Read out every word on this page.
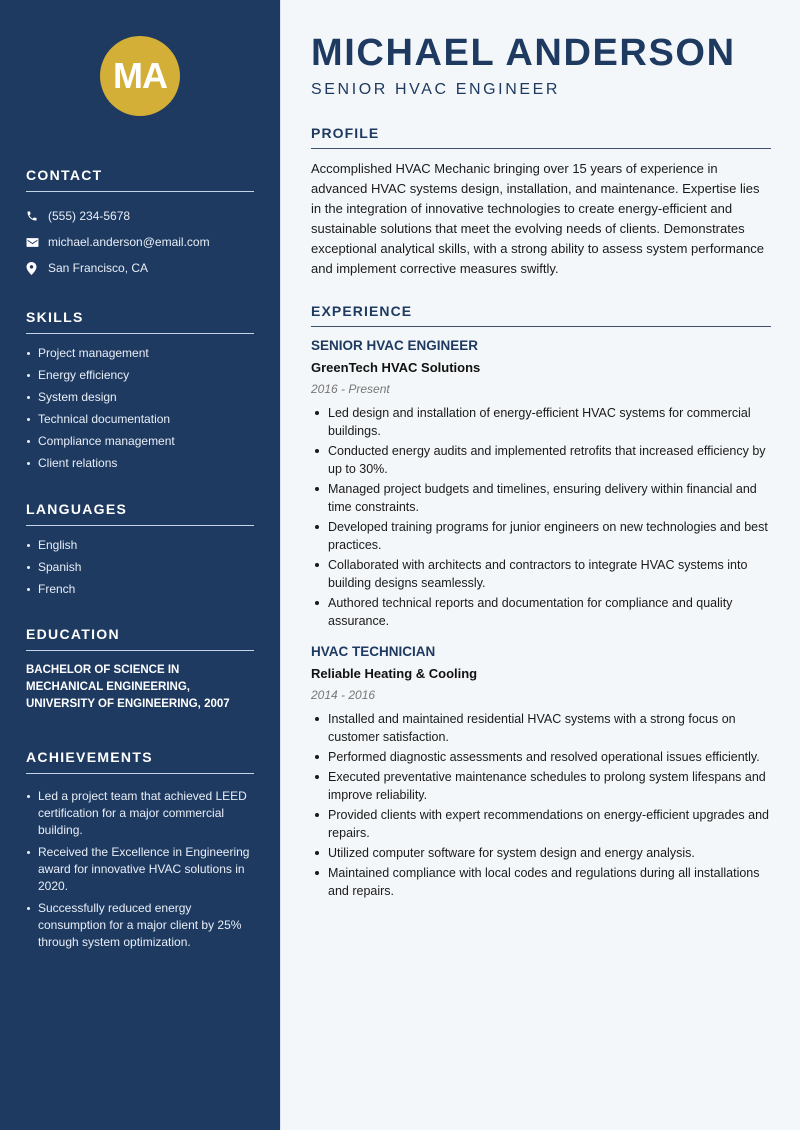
MA
CONTACT
(555) 234-5678
michael.anderson@email.com
San Francisco, CA
SKILLS
Project management
Energy efficiency
System design
Technical documentation
Compliance management
Client relations
LANGUAGES
English
Spanish
French
EDUCATION

BACHELOR OF SCIENCE IN MECHANICAL ENGINEERING, UNIVERSITY OF ENGINEERING, 2007

ACHIEVEMENTS
Led a project team that achieved LEED certification for a major commercial building.
Received the Excellence in Engineering award for innovative HVAC solutions in 2020.
Successfully reduced energy consumption for a major client by 25% through system optimization.
MICHAEL ANDERSON
SENIOR HVAC ENGINEER
PROFILE

Accomplished HVAC Mechanic bringing over 15 years of experience in advanced HVAC systems design, installation, and maintenance. Expertise lies in the integration of innovative technologies to create energy-efficient and sustainable solutions that meet the evolving needs of clients. Demonstrates exceptional analytical skills, with a strong ability to assess system performance and implement corrective measures swiftly.

EXPERIENCE
SENIOR HVAC ENGINEER
GreenTech HVAC Solutions
2016 - Present
Led design and installation of energy-efficient HVAC systems for commercial buildings.
Conducted energy audits and implemented retrofits that increased efficiency by up to 30%.
Managed project budgets and timelines, ensuring delivery within financial and time constraints.
Developed training programs for junior engineers on new technologies and best practices.
Collaborated with architects and contractors to integrate HVAC systems into building designs seamlessly.
Authored technical reports and documentation for compliance and quality assurance.
HVAC TECHNICIAN
Reliable Heating & Cooling
2014 - 2016
Installed and maintained residential HVAC systems with a strong focus on customer satisfaction.
Performed diagnostic assessments and resolved operational issues efficiently.
Executed preventative maintenance schedules to prolong system lifespans and improve reliability.
Provided clients with expert recommendations on energy-efficient upgrades and repairs.
Utilized computer software for system design and energy analysis.
Maintained compliance with local codes and regulations during all installations and repairs.
